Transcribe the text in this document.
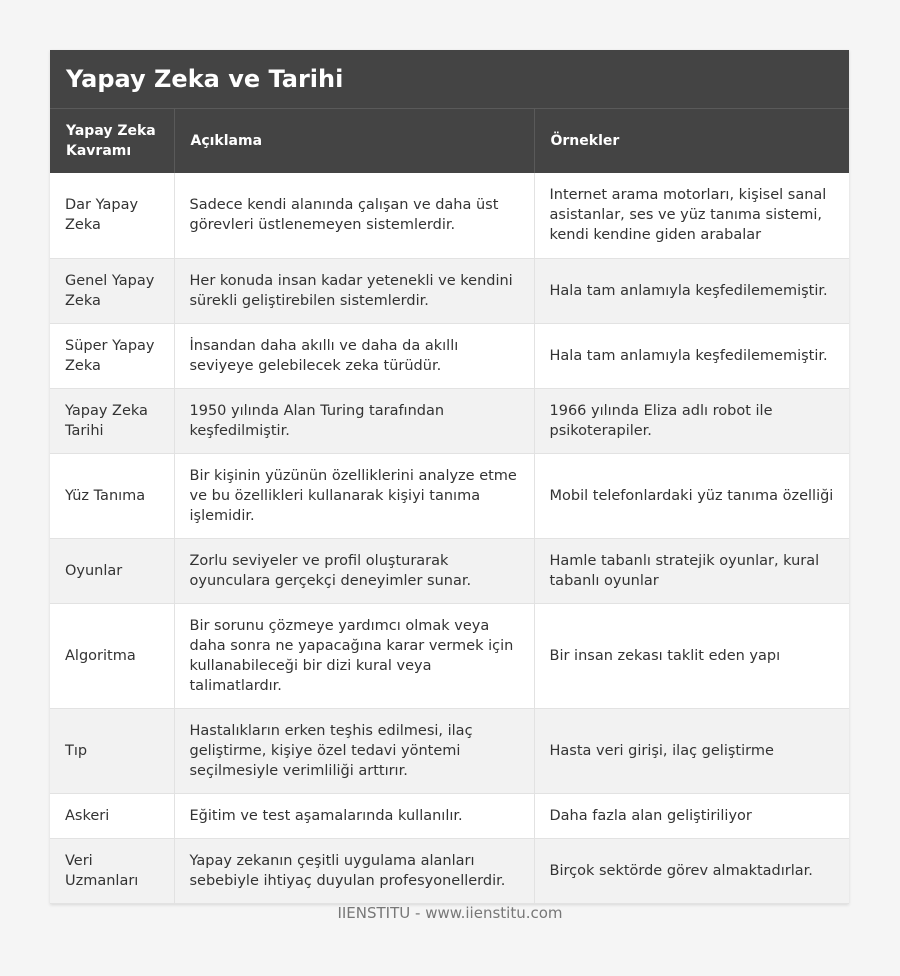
Yapay Zeka ve Tarihi
Yapay Zeka Kavramı	Açıklama	Örnekler
Dar Yapay Zeka	Sadece kendi alanında çalışan ve daha üst görevleri üstlenemeyen sistemlerdir.	Internet arama motorları, kişisel sanal asistanlar, ses ve yüz tanıma sistemi, kendi kendine giden arabalar
Genel Yapay Zeka	Her konuda insan kadar yetenekli ve kendini sürekli geliştirebilen sistemlerdir.	Hala tam anlamıyla keşfedilememiştir.
Süper Yapay Zeka	İnsandan daha akıllı ve daha da akıllı seviyeye gelebilecek zeka türüdür.	Hala tam anlamıyla keşfedilememiştir.
Yapay Zeka Tarihi	1950 yılında Alan Turing tarafından keşfedilmiştir.	1966 yılında Eliza adlı robot ile psikoterapiler.
Yüz Tanıma	Bir kişinin yüzünün özelliklerini analyze etme ve bu özellikleri kullanarak kişiyi tanıma işlemidir.	Mobil telefonlardaki yüz tanıma özelliği
Oyunlar	Zorlu seviyeler ve profil oluşturarak oyunculara gerçekçi deneyimler sunar.	Hamle tabanlı stratejik oyunlar, kural tabanlı oyunlar
Algoritma	Bir sorunu çözmeye yardımcı olmak veya daha sonra ne yapacağına karar vermek için kullanabileceği bir dizi kural veya talimatlardır.	Bir insan zekası taklit eden yapı
Tıp	Hastalıkların erken teşhis edilmesi, ilaç geliştirme, kişiye özel tedavi yöntemi seçilmesiyle verimliliği arttırır.	Hasta veri girişi, ilaç geliştirme
Askeri	Eğitim ve test aşamalarında kullanılır.	Daha fazla alan geliştiriliyor
Veri Uzmanları	Yapay zekanın çeşitli uygulama alanları sebebiyle ihtiyaç duyulan profesyonellerdir.	Birçok sektörde görev almaktadırlar.
IIENSTITU - www.iienstitu.com
